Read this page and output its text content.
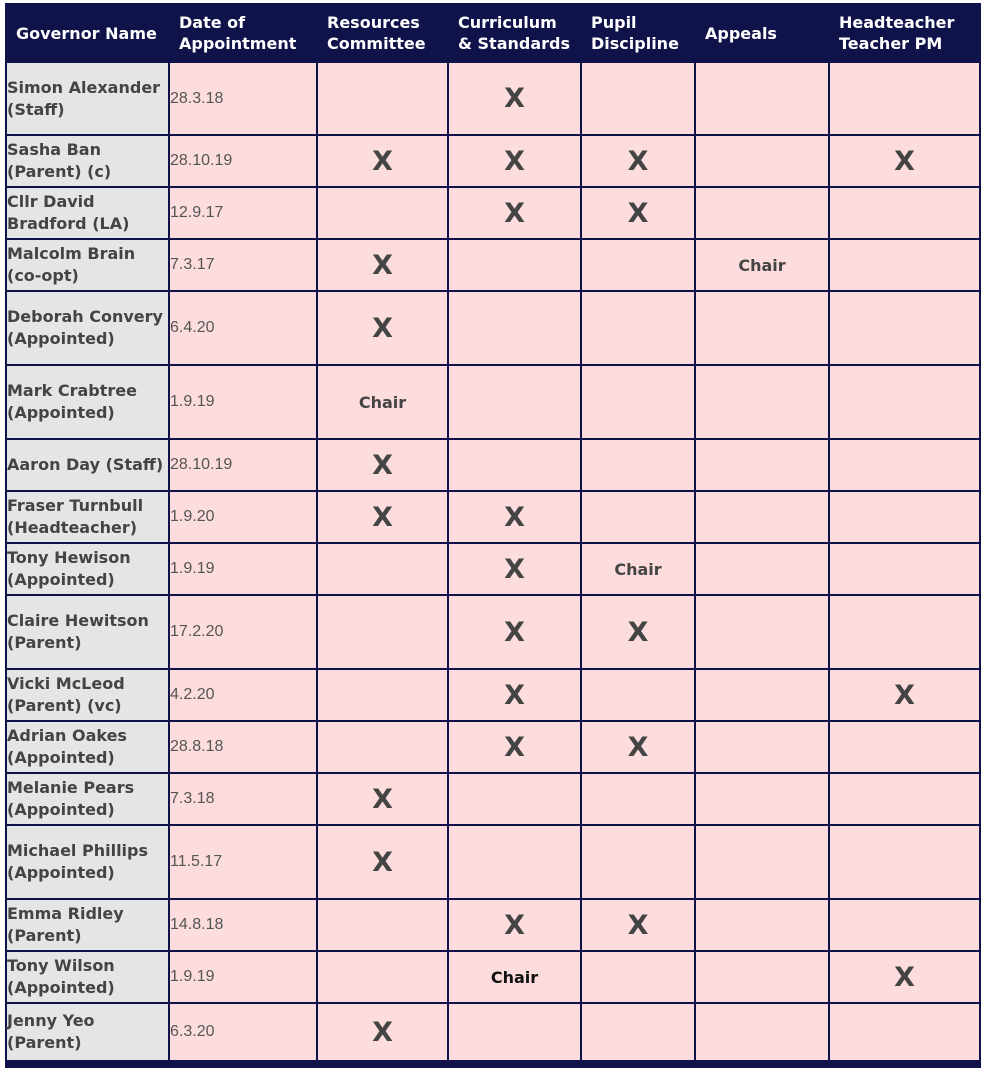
Governor Name	Date of Appointment	Resources Committee	Curriculum & Standards	Pupil Discipline	Appeals	Headteacher Teacher PM
Simon Alexander (Staff)	28.3.18		X			
Sasha Ban (Parent) (c)	28.10.19	X	X	X		X
Cllr David Bradford (LA)	12.9.17		X	X		
Malcolm Brain (co-opt)	7.3.17	X			Chair	
Deborah Convery (Appointed)	6.4.20	X				
Mark Crabtree (Appointed)	1.9.19	Chair				
Aaron Day (Staff)	28.10.19	X				
Fraser Turnbull (Headteacher)	1.9.20	X	X			
Tony Hewison (Appointed)	1.9.19		X	Chair		
Claire Hewitson (Parent)	17.2.20		X	X		
Vicki McLeod (Parent) (vc)	4.2.20		X			X
Adrian Oakes (Appointed)	28.8.18		X	X		
Melanie Pears (Appointed)	7.3.18	X				
Michael Phillips (Appointed)	11.5.17	X				
Emma Ridley (Parent)	14.8.18		X	X		
Tony Wilson (Appointed)	1.9.19		Chair			X
Jenny Yeo (Parent)	6.3.20	X				
